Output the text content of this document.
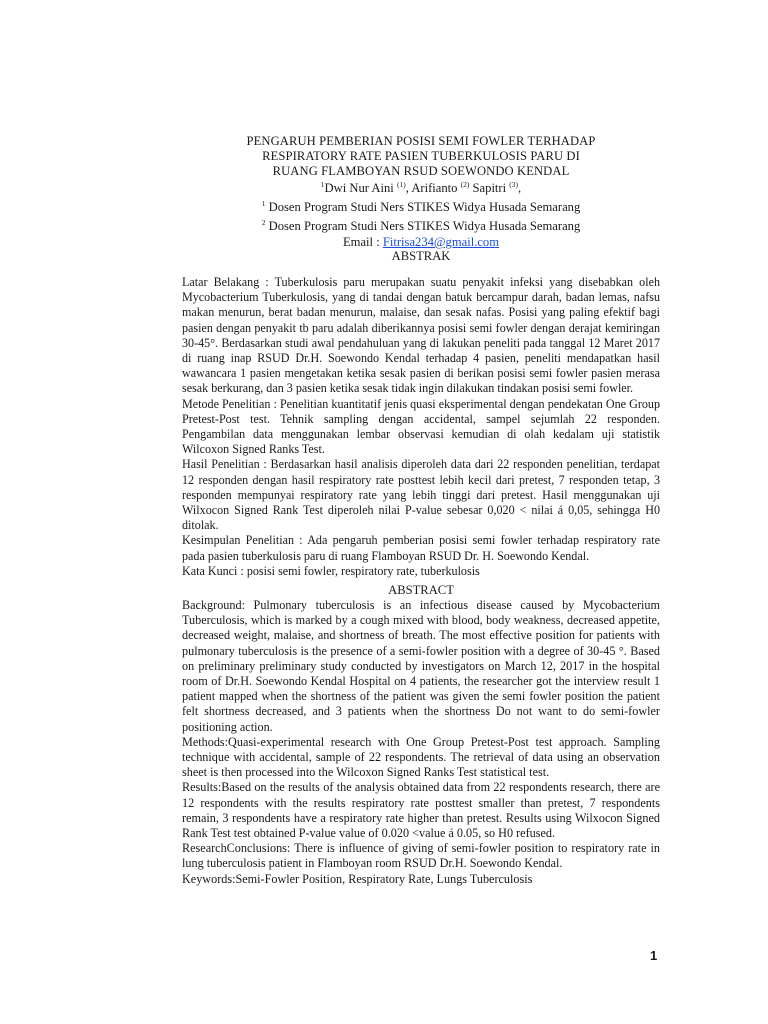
PENGARUH PEMBERIAN POSISI SEMI FOWLER TERHADAP
RESPIRATORY RATE PASIEN TUBERKULOSIS PARU DI
RUANG FLAMBOYAN RSUD SOEWONDO KENDAL
$^1$Dwi Nur Aini $^{(1)}$, Arifianto $^{(2)}$ Sapitri $^{(3)}$,
$^1$ Dosen Program Studi Ners STIKES Widya Husada Semarang
$^2$ Dosen Program Studi Ners STIKES Widya Husada Semarang
Email : Fitrisa234@gmail.com
ABSTRAK

Latar Belakang : Tuberkulosis paru merupakan suatu penyakit infeksi yang disebabkan oleh Mycobacterium Tuberkulosis, yang di tandai dengan batuk bercampur darah, badan lemas, nafsu makan menurun, berat badan menurun, malaise, dan sesak nafas. Posisi yang paling efektif bagi pasien dengan penyakit tb paru adalah diberikannya posisi semi fowler dengan derajat kemiringan 30-45°. Berdasarkan studi awal pendahuluan yang di lakukan peneliti pada tanggal 12 Maret 2017 di ruang inap RSUD Dr.H. Soewondo Kendal terhadap 4 pasien, peneliti mendapatkan hasil wawancara 1 pasien mengetakan ketika sesak pasien di berikan posisi semi fowler pasien merasa sesak berkurang, dan 3 pasien ketika sesak tidak ingin dilakukan tindakan posisi semi fowler.

Metode Penelitian : Penelitian kuantitatif jenis quasi eksperimental dengan pendekatan One Group Pretest-Post test. Tehnik sampling dengan accidental, sampel sejumlah 22 responden. Pengambilan data menggunakan lembar observasi kemudian di olah kedalam uji statistik Wilcoxon Signed Ranks Test.

Hasil Penelitian : Berdasarkan hasil analisis diperoleh data dari 22 responden penelitian, terdapat 12 responden dengan hasil respiratory rate posttest lebih kecil dari pretest, 7 responden tetap, 3 responden mempunyai respiratory rate yang lebih tinggi dari pretest. Hasil menggunakan uji Wilxocon Signed Rank Test diperoleh nilai P-value sebesar 0,020 < nilai á 0,05, sehingga H0 ditolak.

Kesimpulan Penelitian : Ada pengaruh pemberian posisi semi fowler terhadap respiratory rate pada pasien tuberkulosis paru di ruang Flamboyan RSUD Dr. H. Soewondo Kendal.

Kata Kunci : posisi semi fowler, respiratory rate, tuberkulosis

ABSTRACT

Background: Pulmonary tuberculosis is an infectious disease caused by Mycobacterium Tuberculosis, which is marked by a cough mixed with blood, body weakness, decreased appetite, decreased weight, malaise, and shortness of breath. The most effective position for patients with pulmonary tuberculosis is the presence of a semi-fowler position with a degree of 30-45 °. Based on preliminary preliminary study conducted by investigators on March 12, 2017 in the hospital room of Dr.H. Soewondo Kendal Hospital on 4 patients, the researcher got the interview result 1 patient mapped when the shortness of the patient was given the semi fowler position the patient felt shortness decreased, and 3 patients when the shortness Do not want to do semi-fowler positioning action.

Methods:Quasi-experimental research with One Group Pretest-Post test approach. Sampling technique with accidental, sample of 22 respondents. The retrieval of data using an observation sheet is then processed into the Wilcoxon Signed Ranks Test statistical test.

Results:Based on the results of the analysis obtained data from 22 respondents research, there are 12 respondents with the results respiratory rate posttest smaller than pretest, 7 respondents remain, 3 respondents have a respiratory rate higher than pretest. Results using Wilxocon Signed Rank Test test obtained P-value value of 0.020 <value á 0.05, so H0 refused.

ResearchConclusions: There is influence of giving of semi-fowler position to respiratory rate in lung tuberculosis patient in Flamboyan room RSUD Dr.H. Soewondo Kendal.

Keywords:Semi-Fowler Position, Respiratory Rate, Lungs Tuberculosis

1
